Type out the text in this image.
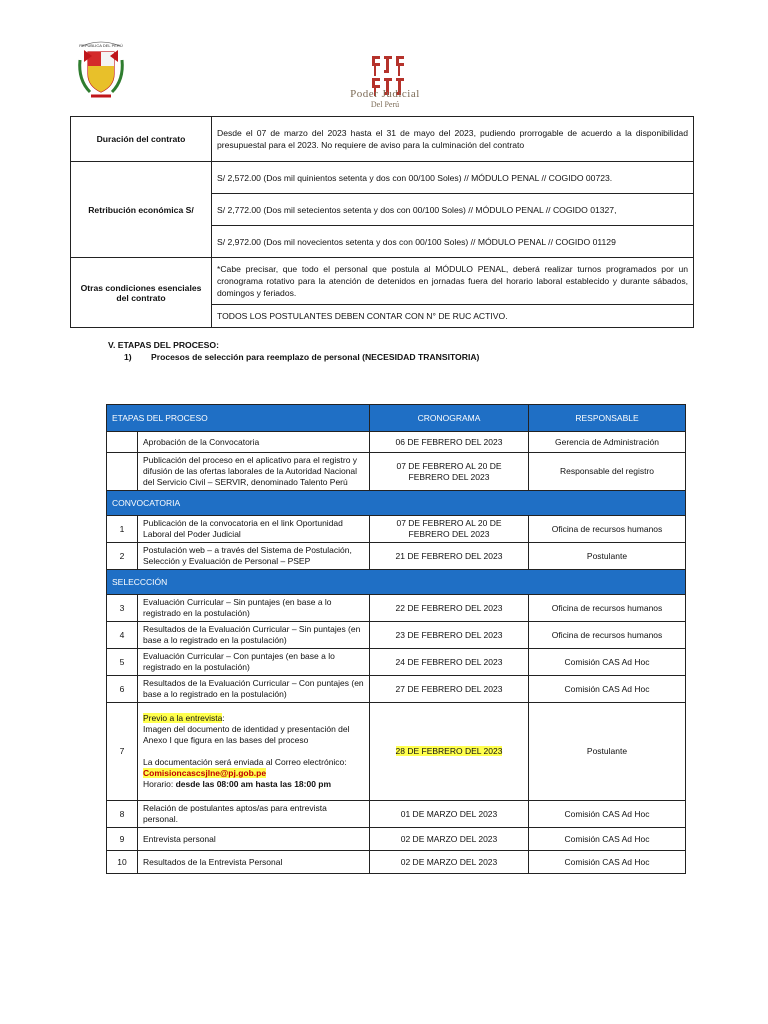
REPÚBLICA DEL PERÚ
Poder Judicial
Del Perú
Duración del contrato	Desde el 07 de marzo del 2023 hasta el 31 de mayo del 2023, pudiendo prorrogable de acuerdo a la disponibilidad presupuestal para el 2023. No requiere de aviso para la culminación del contrato
Retribución económica S/	S/ 2,572.00 (Dos mil quinientos setenta y dos con 00/100 Soles) // MÓDULO PENAL // COGIDO 00723.
	S/ 2,772.00 (Dos mil setecientos setenta y dos con 00/100 Soles) // MÓDULO PENAL // COGIDO 01327,
	S/ 2,972.00 (Dos mil novecientos setenta y dos con 00/100 Soles) // MÓDULO PENAL // COGIDO 01129
Otras condiciones esenciales del contrato	*Cabe precisar, que todo el personal que postula al MÓDULO PENAL, deberá realizar turnos programados por un cronograma rotativo para la atención de detenidos en jornadas fuera del horario laboral establecido y durante sábados, domingos y feriados.
	TODOS LOS POSTULANTES DEBEN CONTAR CON N° DE RUC ACTIVO.
V. ETAPAS DEL PROCESO:
1) Procesos de selección para reemplazo de personal (NECESIDAD TRANSITORIA)
ETAPAS DEL PROCESO		CRONOGRAMA	RESPONSABLE
	Aprobación de la Convocatoria	06 DE FEBRERO DEL 2023	Gerencia de Administración
	Publicación del proceso en el aplicativo para el registro y difusión de las ofertas laborales de la Autoridad Nacional del Servicio Civil – SERVIR, denominado Talento Perú	07 DE FEBRERO AL 20 DE FEBRERO DEL 2023	Responsable del registro
CONVOCATORIA			
1	Publicación de la convocatoria en el link Oportunidad Laboral del Poder Judicial	07 DE FEBRERO AL 20 DE FEBRERO DEL 2023	Oficina de recursos humanos
2	Postulación web – a través del Sistema de Postulación, Selección y Evaluación de Personal – PSEP	21 DE FEBRERO DEL 2023	Postulante
SELECCCIÓN			
3	Evaluación Curricular – Sin puntajes (en base a lo registrado en la postulación)	22 DE FEBRERO DEL 2023	Oficina de recursos humanos
4	Resultados de la Evaluación Curricular – Sin puntajes (en base a lo registrado en la postulación)	23 DE FEBRERO DEL 2023	Oficina de recursos humanos
5	Evaluación Curricular – Con puntajes (en base a lo registrado en la postulación)	24 DE FEBRERO DEL 2023	Comisión CAS Ad Hoc
6	Resultados de la Evaluación Curricular – Con puntajes (en base a lo registrado en la postulación)	27 DE FEBRERO DEL 2023	Comisión CAS Ad Hoc
7	Previo a la entrevista:
Imagen del documento de identidad y presentación del Anexo I que figura en las bases del proceso

La documentación será enviada al Correo electrónico:
Comisioncascsjlne@pj.gob.pe
Horario: desde las 08:00 am hasta las 18:00 pm	28 DE FEBRERO DEL 2023	Postulante
8	Relación de postulantes aptos/as para entrevista personal.	01 DE MARZO DEL 2023	Comisión CAS Ad Hoc
9	Entrevista personal	02 DE MARZO DEL 2023	Comisión CAS Ad Hoc
10	Resultados de la Entrevista Personal	02 DE MARZO DEL 2023	Comisión CAS Ad Hoc
